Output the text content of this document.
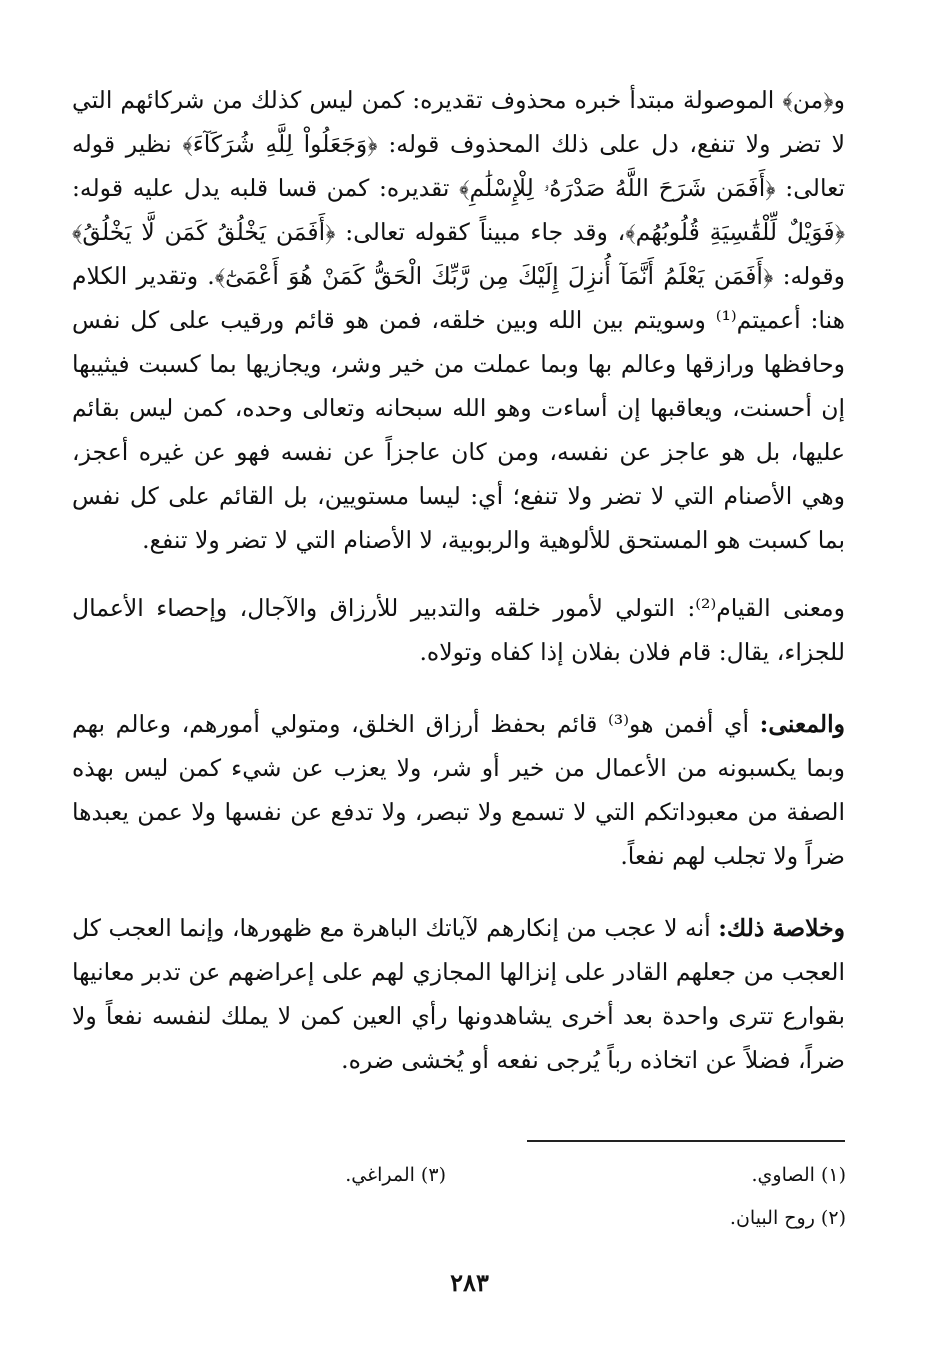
و﴿من﴾ الموصولة مبتدأ خبره محذوف تقديره: كمن ليس كذلك من شركائهم التي لا تضر ولا تنفع، دل على ذلك المحذوف قوله: ﴿وَجَعَلُواْ لِلَّهِ شُرَكَآءَ﴾ نظير قوله تعالى: ﴿أَفَمَن شَرَحَ اللَّهُ صَدْرَهُۥ لِلْإِسْلَٰمِ﴾ تقديره: كمن قسا قلبه يدل عليه قوله: ﴿فَوَيْلٌ لِّلْقَٰسِيَةِ قُلُوبُهُم﴾، وقد جاء مبيناً كقوله تعالى: ﴿أَفَمَن يَخْلُقُ كَمَن لَّا يَخْلُقُ﴾ وقوله: ﴿أَفَمَن يَعْلَمُ أَنَّمَآ أُنزِلَ إِلَيْكَ مِن رَّبِّكَ الْحَقُّ كَمَنْ هُوَ أَعْمَىٰٓ﴾. وتقدير الكلام هنا: أعميتم⁽¹⁾ وسويتم بين الله وبين خلقه، فمن هو قائم ورقيب على كل نفس وحافظها ورازقها وعالم بها وبما عملت من خير وشر، ويجازيها بما كسبت فيثيبها إن أحسنت، ويعاقبها إن أساءت وهو الله سبحانه وتعالى وحده، كمن ليس بقائم عليها، بل هو عاجز عن نفسه، ومن كان عاجزاً عن نفسه فهو عن غيره أعجز، وهي الأصنام التي لا تضر ولا تنفع؛ أي: ليسا مستويين، بل القائم على كل نفس بما كسبت هو المستحق للألوهية والربوبية، لا الأصنام التي لا تضر ولا تنفع.

ومعنى القيام⁽²⁾: التولي لأمور خلقه والتدبير للأرزاق والآجال، وإحصاء الأعمال للجزاء، يقال: قام فلان بفلان إذا كفاه وتولاه.

والمعنى: أي أفمن هو⁽³⁾ قائم بحفظ أرزاق الخلق، ومتولي أمورهم، وعالم بهم وبما يكسبونه من الأعمال من خير أو شر، ولا يعزب عن شيء كمن ليس بهذه الصفة من معبوداتكم التي لا تسمع ولا تبصر، ولا تدفع عن نفسها ولا عمن يعبدها ضراً ولا تجلب لهم نفعاً.

وخلاصة ذلك: أنه لا عجب من إنكارهم لآياتك الباهرة مع ظهورها، وإنما العجب كل العجب من جعلهم القادر على إنزالها المجازي لهم على إعراضهم عن تدبر معانيها بقوارع تترى واحدة بعد أخرى يشاهدونها رأي العين كمن لا يملك لنفسه نفعاً ولا ضراً، فضلاً عن اتخاذه رباً يُرجى نفعه أو يُخشى ضره.

(١) الصاوي.
(٣) المراغي.
(٢) روح البيان.
٢٨٣
